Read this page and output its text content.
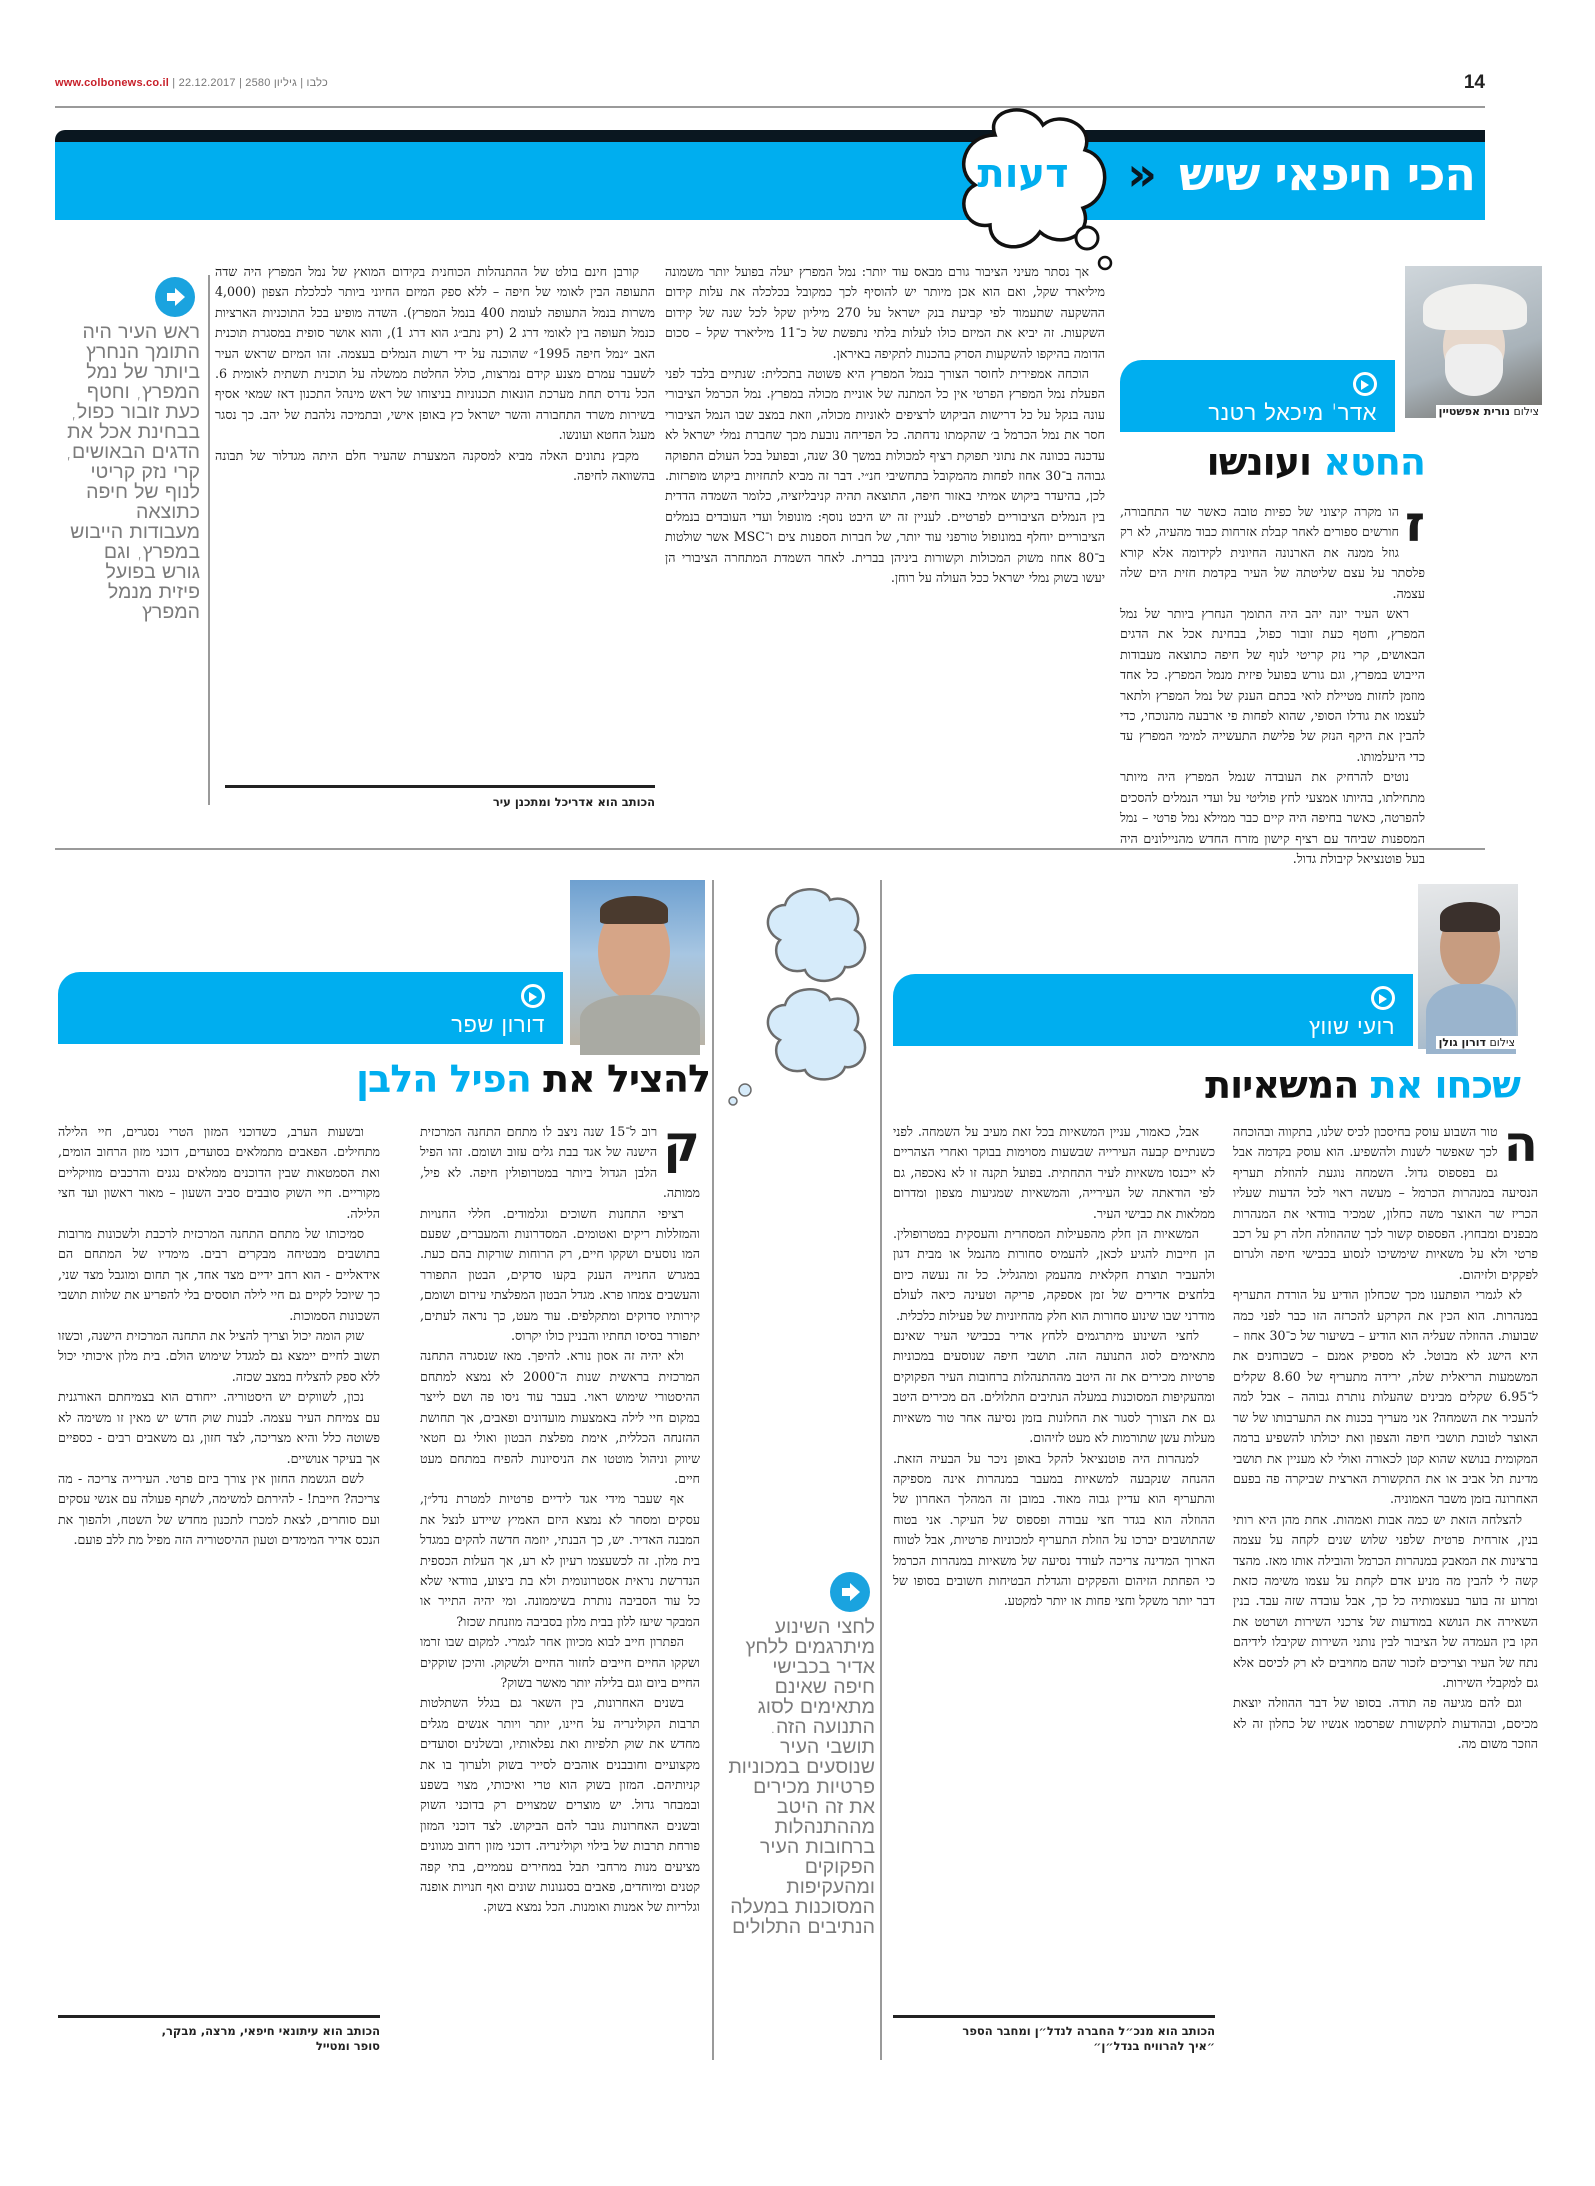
www.colbonews.co.il |	כלבו | גיליון 2580 | 22.12.2017	14
הכי חיפאי שיש «
דעות
צילום נורית אפשטיין
אדר' מיכאל רטנר
החטא ועונשו
ז

הו מקרה קיצוני של כפיות טובה כאשר שר התחבורה, חורשים ספורים לאחר קבלת אזרחות כבוד מהעיה, לא רק גוזל ממנה את הארנונה החיונית לקידומה אלא קורא פלסתר על עצם שליטתה של העיר בקדמת חזית הים שלה עצמה.

ראש העיר יונה יהב היה התומך הנחרץ ביותר של נמל המפרץ, וחטף כעת זובור כפול, בבחינת אכל את הדגים הבאושים, קרי נזק קריטי לנוף של חיפה כתוצאה מעבודות הייבוש במפרץ, וגם גורש בפועל פיזית מנמל המפרץ. כל אחד מוזמן לחזות מטיילת לואי בכתם הענק של נמל המפרץ ולתאר לעצמו את גודלו הסופי, שהוא לפחות פי ארבעה מהנוכחי, כדי להבין את היקף הנזק של פלישת התעשייה למימי המפרץ עד כדי היעלמותו.

נוטים להרחיק את העובדה שנמל המפרץ היה מיותר מתחילתו, בהיותו אמצעי לחץ פוליטי על ועדי הנמלים להסכים להפרטה, כאשר בחיפה היה קיים כבר ממילא נמל פרטי – נמל המספנות שביחד עם רציף קישון מזרח החדש מהניילונים היה בעל פוטנציאל קיבולת גדול.

אך נסתר מעיני הציבור גורם מבאס עוד יותר: נמל המפרץ יעלה בפועל יותר משמונה מיליארד שקל, ואם הוא אכן מיותר יש להוסיף לכך כמקובל בכלכלה את עלות קידום ההשקעה שתעמוד לפי קביעת בנק ישראל על 270 מיליון שקל לכל שנה של קידום השקעות. זה יביא את המיזם כולו לעלות בלתי נתפשת של כ־11 מיליארד שקל – סכום הדומה בהיקפו להשקעות הסרק בהכנות לתקיפה באיראן.

הוכחה אמפירית לחוסר הצורך בנמל המפרץ היא פשוטה בתכלית: שנתיים בלבד לפני הפעלת נמל המפרץ הפרטי אין כל המתנה של אוניית מכולה במפרץ. נמל הכרמל הציבורי עונה בנקל על כל דרישות הביקוש לרציפים לאוניות מכולה, וזאת במצב שבו הנמל הציבורי חסר את נמל הכרמל ב׳ שהקמתו נדחתה. כל הפדיחה נובעת מכך שחברת נמלי ישראל לא עדכנה בכוונה את נתוני תפוקת רציף למכולות במשך 30 שנה, ובפועל בכל העולם התפוקה גבוהה ב־30 אחוז לפחות מהמקובל בתחשיבי חנ״י. דבר זה מביא לתחזיות ביקוש מופרזות. לכן, בהיעדר ביקוש אמיתי באזור חיפה, התוצאה תהיה קניבליזציה, כלומר השמדה הדדית בין הנמלים הציבוריים לפרטיים. לעניין זה יש היבט נוסף: מונופול ועדי העובדים בנמלים הציבוריים יוחלף במונופול טורפני עוד יותר, של חברות הספנות צים ו־MSC אשר שולטות ב־80 אחוז משוק המכולות וקשורות ביניהן בברית. לאחר השמדת המתחרה הציבורי הן יעשו בשוק נמלי ישראל ככל העולה על רוחן.

קורבן חינם בולט של ההתנהלות הכוחנית בקידום המואץ של נמל המפרץ היה שדה התעופה הבין לאומי של חיפה – ללא ספק המיזם החיוני ביותר לכלכלת הצפון (4,000 משרות בנמל התעופה לעומת 400 בנמל המפרץ). השדה מופיע בכל התוכניות הארציות כנמל תעופה בין לאומי דרג 2 (רק נתב״ג הוא דרג 1), והוא אושר סופית במסגרת תוכנית האב ״נמל חיפה 1995״ שהוכנה על ידי רשות הנמלים בעצמה. זהו המיזם שראש העיר לשעבר עמרם מצנע קידם נמרצות, כולל החלטת ממשלה על תוכנית תשתית לאומית 6. הכל נדרס תחת מערכת הונאות תכנוניות בניצוחו של ראש מינהל התכנון דאז שמאי אסיף בשירות משרד התחבורה והשר ישראל כץ באופן אישי, ובתמיכה נלהבת של יהב. כך נסגר מעגל החטא ועונשו.

מקבץ נתונים האלה מביא למסקנה המצערת שהעיר חלם היתה מגדלור של תבונה בהשוואה לחיפה.

הכותב הוא אדריכל ומתכנן עיר
ראש העיר היה התומך הנחרץ ביותר של נמל המפרץ, וחטף כעת זובור כפול, בבחינת אכל את הדגים הבאושים, קרי נזק קריטי לנוף של חיפה כתוצאה מעבודות הייבוש במפרץ, וגם גורש בפועל פיזית מנמל המפרץ
צילום דורון גולן
רועי שווץ
שכחו את המשאיות
ה

טור השבוע עוסק בחיסכון לכיס שלנו, בתקווה ובהוכחה לכך שאפשר לשנות ולהשפיע. הוא עוסק בקדמה אבל גם בפספוס גדול. השמחה נוגעת להוזלת תעריף הנסיעה במנהרות הכרמל – מעשה ראוי לכל הדעות שעליו הכריז שר האוצר משה כחלון, שמכיר בוודאי את המנהרות מבפנים ומבחוץ. הפספוס קשור לכך שההוזלה חלה רק על רכב פרטי ולא על משאיות שימשיכו לנסוע בכבישי חיפה ולגרום לפקקים ולזיהום.

לא לגמרי הופתענו מכך שכחלון הודיע על הורדת התעריף במנהרות. הוא הכין את הקרקע להכרזה הזו כבר לפני כמה שבועות. ההוזלה שעליה הוא הודיע – בשיעור של כ־30 אחוז – היא הישג לא מבוטל. לא מספיק אמנם – כשבוחנים את המשמעות הריאלית שלה, ירידה מתעריף של 8.60 שקלים ל־6.95 שקלים מבינים שהעלות נותרת גבוהה – אבל למה להעכיר את השמחה? אני מעריך בכנות את התערבותו של שר האוצר לטובת תושבי חיפה והצפון ואת יכולתו להשפיע ברמה המקומית בנושא שהוא קטן לכאורה ואולי לא מעניין את תושבי מדינת תל אביב או את התקשורת הארצית שביקרה פה בפעם האחרונה בזמן משבר האמוניה.

להצלחה הזאת יש כמה אבות ואמהות. אחת מהן היא רותי בנין, אזרחית פרטית שלפני שלוש שנים לקחה על עצמה ברצינות את המאבק במנהרות הכרמל והובילה אותו מאז. מהצד קשה לי להבין מה מניע אדם לקחת על עצמו משימה כזאת ומרוע זה בוער בעצמותיה כל כך, אבל עובדה שזה עבד. בנין השאירה את הנושא במודעות של צרכני השירות ושרטט את הקו בין העמדה של הציבור לבין נותני השירות שקיבלו לידיהם נתח של העיר וצריכים לזכור שהם מחויבים לא רק לכיסם אלא גם למקבלי השירות.

וגם להם מגיעה פה תודה. בסופו של דבר ההוזלה יוצאת מכיסם, ובהודעות לתקשורת שפרסמו אנשיו של כחלון זה לא הוזכר משום מה.

אבל, כאמור, עניין המשאיות בכל זאת מעיב על השמחה. לפני כשנתיים קבעה העירייה שבשעות מסוימות בבוקר ואחרי הצהריים לא ייכנסו משאיות לעיר התחתית. בפועל תקנה זו לא נאכפה, גם לפי הודאתה של העירייה, והמשאיות שמגיעות מצפון ומדרום ממלאות את כבישי העיר.

המשאיות הן חלק מהפעילות המסחרית והעסקית במטרופולין. הן חייבות להגיע לכאן, להעמיס סחורות מהנמל או מבית דגון ולהעביר תוצרת חקלאית מהעמק ומהגליל. כל זה נעשה כיום בלחצים אדירים של זמן אספקה, פריקה וטעינה כיאה לעולם מודרני שבו שינוע סחורות הוא חלק מהחיוניות של פעילות כלכלית.

לחצי השינוע מיתרגמים ללחץ אדיר בכבישי העיר שאינם מתאימים לסוג התנועה הזה. תושבי חיפה שנוסעים במכוניות פרטיות מכירים את זה היטב מההתנהלות ברחובות העיר הפקוקים ומהעקיפות המסוכנות במעלה הנתיבים התלולים. הם מכירים היטב גם את הצורך לסגור את החלונות בזמן נסיעה אחר טור משאיות מעלות עשן שתורמות לא מעט לזיהום.

למנהרות היה פוטנציאל להקל באופן ניכר על הבעיה הזאת. ההנחה שנקבעה למשאיות במעבר במנהרות אינה מספיקה והתעריף הוא עדיין גבוה מאוד. במובן זה המהלך האחרון של ההוזלה הוא בגדר חצי עבודה ופספוס של העיקר. אני בטוח שהתושבים יברכו על הוזלת התעריף למכוניות פרטיות, אבל לטווח הארוך המדינה צריכה לעודד נסיעה של משאיות במנהרות הכרמל כי הפחתת הזיהום והפקקים והגדלת הבטיחות חשובים בסופו של דבר יותר משקל וחצי פחות או יותר למקטע.

הכותב הוא מנכ״ל החברה לנדל״ן ומחבר הספר
״איך להרוויח בנדל״ן״
לחצי השינוע מיתרגמים ללחץ אדיר בכבישי חיפה שאינם מתאימים לסוג התנועה הזה. תושבי העיר שנוסעים במכוניות פרטיות מכירים את זה היטב מההתנהלות ברחובות העיר הפקוקים ומהעקיפות המסוכנות במעלה הנתיבים התלולים
דורון שפר
להציל את הפיל הלבן
ק

רוב ל־15 שנה ניצב לו מתחם התחנה המרכזית הישנה של אגד בבת גלים עזוב ושומם. זהו הפיל הלבן הגדול ביותר במטרופולין חיפה. לא פיל, ממותה.

רציפי התחנות חשוכים וגלמודים. חללי החנויות והמזללות ריקים ואטומים. המסדרונות והמעברים, שפעם המו נוסעים ושקקו חיים, רק הרוחות שורקות בהם כעת. במגרש החנייה הענק בקעו סדקים, הבטון התפורר והעשבים צמחו פרא. מגדל הבטון המפלצתי עירום ושומם, קירותיו סדוקים ומתקלפים. עוד מעט, כך נראה לעתים, יתפורר בסיסו תחתיו והבניין כולו יקרוס.

ולא יהיה זה אסון נורא. להיפך. מאז שנסגרה התחנה המרכזית בראשית שנות ה־2000 לא נמצא למתחם ההיסטורי שימוש ראוי. בעבר עוד ניסו פה ושם לייצר במקום חיי לילה באמצעות מועדונים ופאבים, אך תחושת ההזנחה הכללית, אימת מפלצת הבטון ואולי גם חטאי שיווק וניהול מוטטו את הניסיונות להפיח במתחם מעט חיים.

אף שעבר מידי אגד לידיים פרטיות למטרת נדל״ן, עסקים ומסחר לא נמצא היזם האמיץ שיידע לנצל את המבנה האדיר. יש, כך הבנתי, יוזמה חדשה להקים במגדל בית מלון. זה לכשעצמו רעיון לא רע, אך העלות הכספית הנדרשת נראית אסטרונומית ולא בת ביצוע, בוודאי שלא כל עוד הסביבה נותרת בשיממונה. ומי יהיה התייר או המבקר שיעז ללון בבית מלון בסביבה מוזנחת שכזו?

הפתרון חייב לבוא מכיוון אחר לגמרי. למקום שבו זרמו ושקקו החיים חייבים לחזור החיים ולשקוק. והיכן שוקקים החיים ביום וגם בלילה יותר מאשר בשוק?

בשנים האחרונות, בין השאר גם בגלל השתלטות תרבות הקולינריה על חיינו, יותר ויותר אנשים מגלים מחדש את שוק תלפיות ואת נפלאותיו, ובשלנים וסועדים מקצועיים וחובבנים אוהבים לסייר בשוק ולערוך בו את קניותיהם. המזון בשוק הוא טרי ואיכותי, מצוי בשפע ובמבחר גדול. יש מוצרים שמצויים רק בדוכני השוק ובשנים האחרונות גובר להם הביקוש. לצד דוכני המזון פורחת תרבות של בילוי וקולינריה. דוכני מזון רחוב מגוונים מציעים מנות מרחבי תבל במחירים עממיים, בתי קפה קטנים ומיוחדים, פאבים בסגנונות שונים ואף חנויות אופנה וגלריות של אמנות ואומנות. הכל נמצא בשוק.

ובשעות הערב, כשדוכני המזון הטרי נסגרים, חיי הלילה מתחילים. הפאבים מתמלאים בסועדים, דוכני מזון הרחוב הומים, ואת הסמטאות שבין הדוכנים ממלאים נגנים והרכבים מוזיקליים מקוריים. חיי השוק סובבים סביב השעון – מאור ראשון ועד חצי הלילה.

סמיכותו של מתחם התחנה המרכזית לרכבת ולשכונות מרובות בתושבים מבטיחה מבקרים רבים. מימדיו של המתחם הם אידאליים - הוא רחב ידיים מצד אחד, אך תחום ומוגבל מצד שני, כך שיוכל לקיים גם חיי לילה תוססים בלי להפריע את שלוות תושבי השכונות הסמוכות.

שוק הומה יכול וצריך להציל את התחנה המרכזית הישנה, וכשזו תשוב לחיים יימצא גם למגדל שימוש הולם. בית מלון איכותי יכול ללא ספק להצליח במצב שכזה.

נכון, לשווקים יש היסטוריה. ייחודם הוא בצמיחתם האורגנית עם צמיחת העיר עצמה. לבנות שוק חדש יש מאין זו משימה לא פשוטה כלל והיא מצריכה, לצד חזון, גם משאבים רבים - כספיים אך בעיקר אנושיים.

לשם הגשמת החזון אין צורך ביזם פרטי. העירייה צריכה - מה צריכה? חייבת! - להירתם למשימה, לשתף פעולה עם אנשי עסקים ועם סוחרים, לצאת למכרז לתכנון מחדש של השטח, ולהפוך את הנכס אדיר המימדים וטעון ההיסטוריה הזה מפיל מת ללב פועם.

הכותב הוא עיתונאי חיפאי, מרצה, מבקר,
סופר ומטייל
